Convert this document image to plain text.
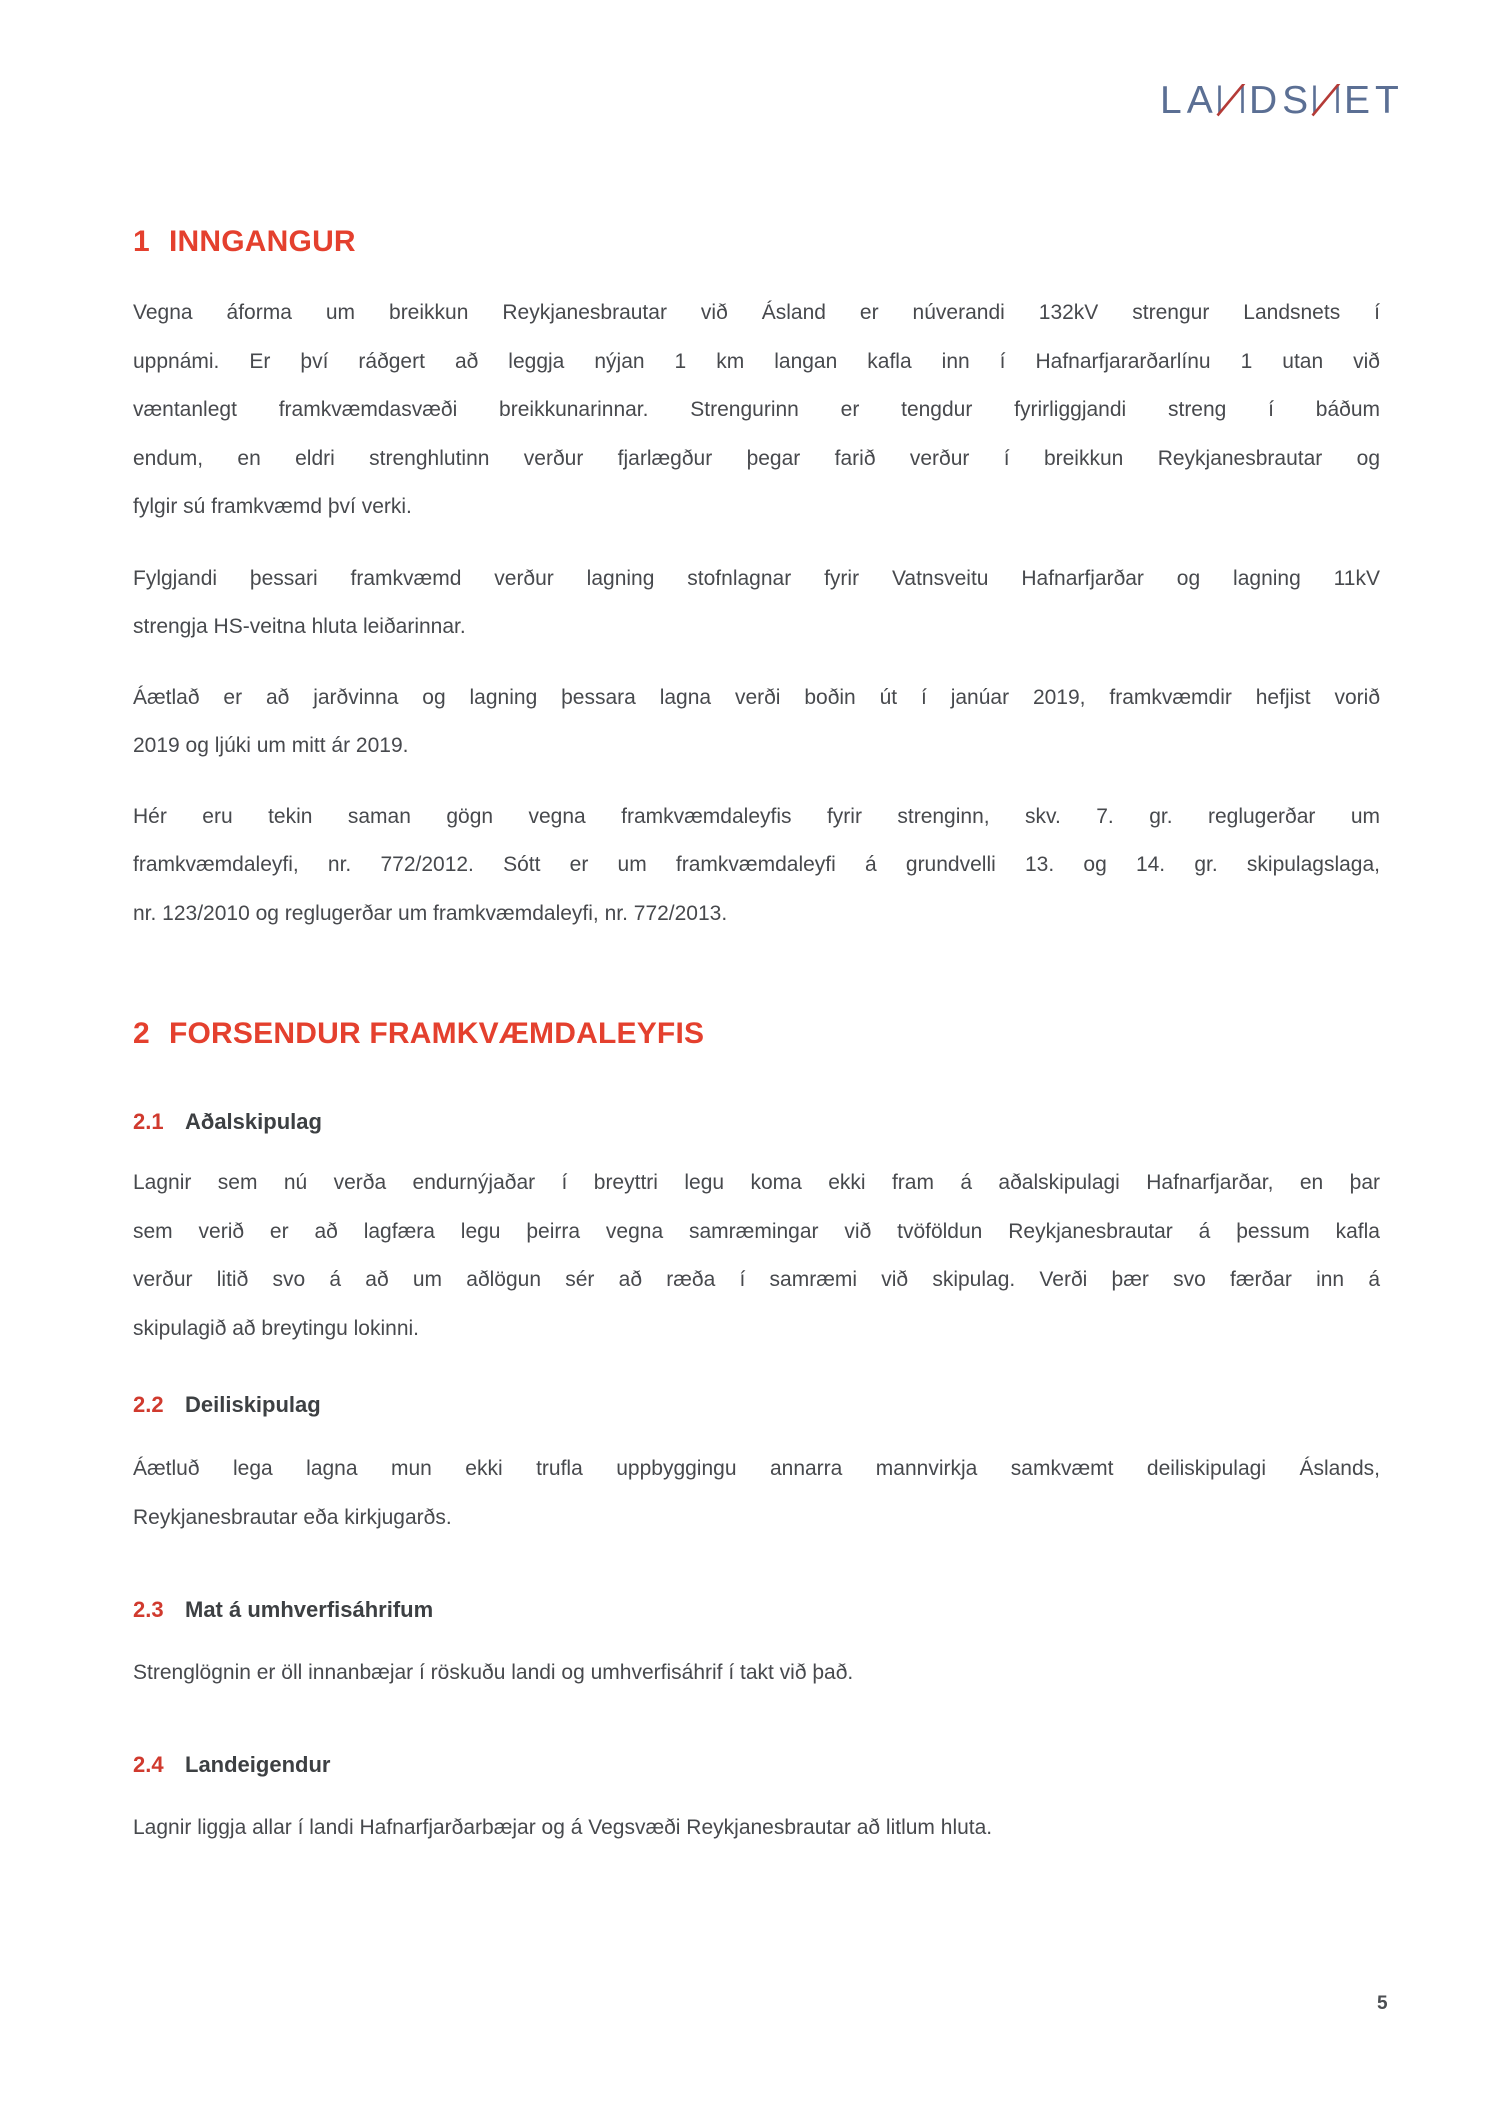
LA DS ET
1 INNGANGUR

Vegna áforma um breikkun Reykjanesbrautar við Ásland er núverandi 132kV strengur Landsnets í
uppnámi. Er því ráðgert að leggja nýjan 1 km langan kafla inn í Hafnarfjararðarlínu 1 utan við
væntanlegt framkvæmdasvæði breikkunarinnar. Strengurinn er tengdur fyrirliggjandi streng í báðum
endum, en eldri strenghlutinn verður fjarlægður þegar farið verður í breikkun Reykjanesbrautar og
fylgir sú framkvæmd því verki.

Fylgjandi þessari framkvæmd verður lagning stofnlagnar fyrir Vatnsveitu Hafnarfjarðar og lagning 11kV
strengja HS-veitna hluta leiðarinnar.

Áætlað er að jarðvinna og lagning þessara lagna verði boðin út í janúar 2019, framkvæmdir hefjist vorið
2019 og ljúki um mitt ár 2019.

Hér eru tekin saman gögn vegna framkvæmdaleyfis fyrir strenginn, skv. 7. gr. reglugerðar um
framkvæmdaleyfi, nr. 772/2012. Sótt er um framkvæmdaleyfi á grundvelli 13. og 14. gr. skipulagslaga,
nr. 123/2010 og reglugerðar um framkvæmdaleyfi, nr. 772/2013.

2 FORSENDUR FRAMKVÆMDALEYFIS
2.1 Aðalskipulag

Lagnir sem nú verða endurnýjaðar í breyttri legu koma ekki fram á aðalskipulagi Hafnarfjarðar, en þar
sem verið er að lagfæra legu þeirra vegna samræmingar við tvöföldun Reykjanesbrautar á þessum kafla
verður litið svo á að um aðlögun sér að ræða í samræmi við skipulag. Verði þær svo færðar inn á
skipulagið að breytingu lokinni.

2.2 Deiliskipulag

Áætluð lega lagna mun ekki trufla uppbyggingu annarra mannvirkja samkvæmt deiliskipulagi Áslands,
Reykjanesbrautar eða kirkjugarðs.

2.3 Mat á umhverfisáhrifum

Strenglögnin er öll innanbæjar í röskuðu landi og umhverfisáhrif í takt við það.

2.4 Landeigendur

Lagnir liggja allar í landi Hafnarfjarðarbæjar og á Vegsvæði Reykjanesbrautar að litlum hluta.

5
